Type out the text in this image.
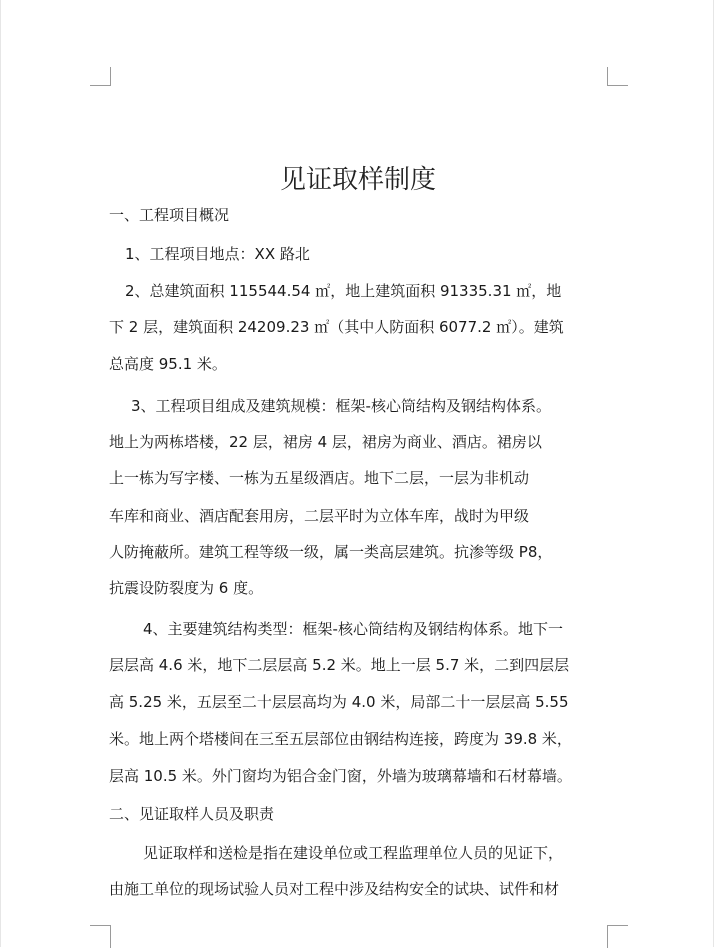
见证取样制度
一、工程项目概况
1、工程项目地点：XX 路北
2、总建筑面积 115544.54 ㎡，地上建筑面积 91335.31 ㎡，地
下 2 层，建筑面积 24209.23 ㎡（其中人防面积 6077.2 ㎡）。建筑
总高度 95.1 米。
3、工程项目组成及建筑规模：框架-核心筒结构及钢结构体系。
地上为两栋塔楼，22 层，裙房 4 层，裙房为商业、酒店。裙房以
上一栋为写字楼、一栋为五星级酒店。地下二层，一层为非机动
车库和商业、酒店配套用房，二层平时为立体车库，战时为甲级
人防掩蔽所。建筑工程等级一级，属一类高层建筑。抗渗等级 P8，
抗震设防裂度为 6 度。
4、主要建筑结构类型：框架-核心筒结构及钢结构体系。地下一
层层高 4.6 米，地下二层层高 5.2 米。地上一层 5.7 米，二到四层层
高 5.25 米，五层至二十层层高均为 4.0 米，局部二十一层层高 5.55
米。地上两个塔楼间在三至五层部位由钢结构连接，跨度为 39.8 米，
层高 10.5 米。外门窗均为铝合金门窗，外墙为玻璃幕墙和石材幕墙。
二、见证取样人员及职责
见证取样和送检是指在建设单位或工程监理单位人员的见证下，
由施工单位的现场试验人员对工程中涉及结构安全的试块、试件和材
